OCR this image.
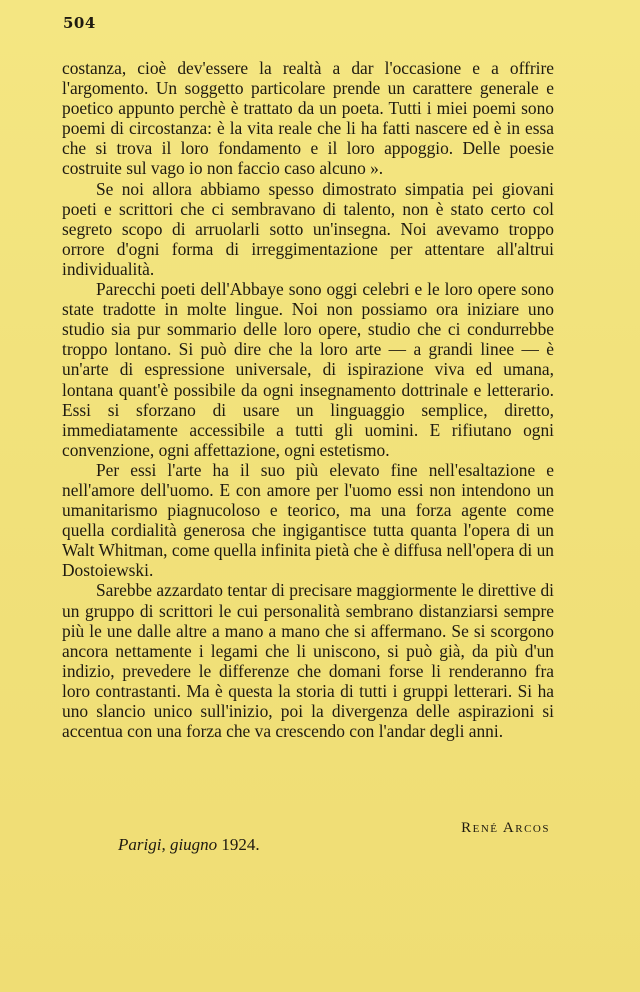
504

costanza, cioè dev'essere la realtà a dar l'occasione e a offrire l'argomento. Un soggetto particolare prende un carattere generale e poetico appunto perchè è trattato da un poeta. Tutti i miei poemi sono poemi di circostanza: è la vita reale che li ha fatti nascere ed è in essa che si trova il loro fondamento e il loro appoggio. Delle poesie costruite sul vago io non faccio caso alcuno ».

Se noi allora abbiamo spesso dimostrato simpatia pei giovani poeti e scrittori che ci sembravano di talento, non è stato certo col segreto scopo di arruolarli sotto un'insegna. Noi avevamo troppo orrore d'ogni forma di irreggimentazione per attentare all'altrui individualità.

Parecchi poeti dell'Abbaye sono oggi celebri e le loro opere sono state tradotte in molte lingue. Noi non possiamo ora iniziare uno studio sia pur sommario delle loro opere, studio che ci condurrebbe troppo lontano. Si può dire che la loro arte — a grandi linee — è un'arte di espressione universale, di ispirazione viva ed umana, lontana quant'è possibile da ogni insegnamento dottrinale e letterario. Essi si sforzano di usare un linguaggio semplice, diretto, immediatamente accessibile a tutti gli uomini. E rifiutano ogni convenzione, ogni affettazione, ogni estetismo.

Per essi l'arte ha il suo più elevato fine nell'esaltazione e nell'amore dell'uomo. E con amore per l'uomo essi non intendono un umanitarismo piagnucoloso e teorico, ma una forza agente come quella cordialità generosa che ingigantisce tutta quanta l'opera di un Walt Whitman, come quella infinita pietà che è diffusa nell'opera di un Dostoiewski.

Sarebbe azzardato tentar di precisare maggiormente le direttive di un gruppo di scrittori le cui personalità sembrano distanziarsi sempre più le une dalle altre a mano a mano che si affermano. Se si scorgono ancora nettamente i legami che li uniscono, si può già, da più d'un indizio, prevedere le differenze che domani forse li renderanno fra loro contrastanti. Ma è questa la storia di tutti i gruppi letterari. Si ha uno slancio unico sull'inizio, poi la divergenza delle aspirazioni si accentua con una forza che va crescendo con l'andar degli anni.

René Arcos
Parigi, giugno 1924.
